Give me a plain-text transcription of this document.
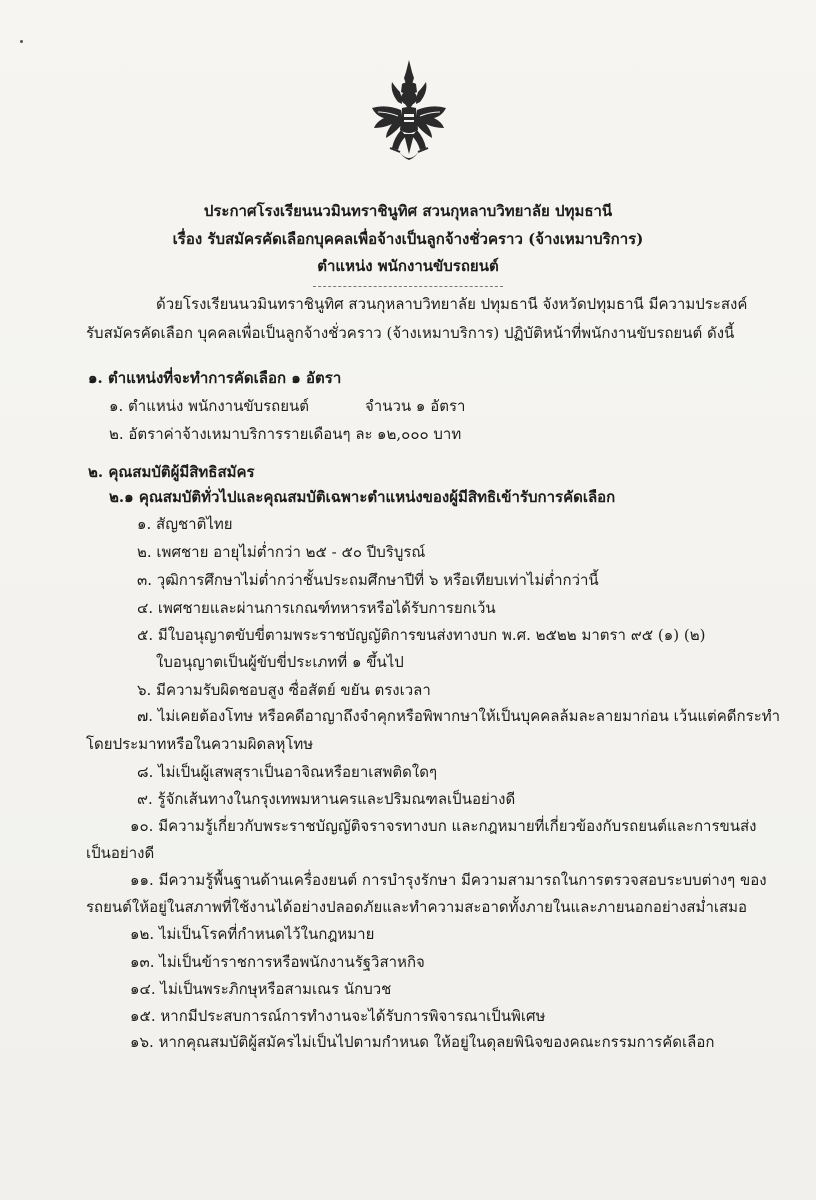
ประกาศโรงเรียนนวมินทราชินูทิศ สวนกุหลาบวิทยาลัย ปทุมธานี
เรื่อง รับสมัครคัดเลือกบุคคลเพื่อจ้างเป็นลูกจ้างชั่วคราว (จ้างเหมาบริการ)
ตำแหน่ง พนักงานขับรถยนต์
ด้วยโรงเรียนนวมินทราชินูทิศ สวนกุหลาบวิทยาลัย ปทุมธานี จังหวัดปทุมธานี มีความประสงค์
รับสมัครคัดเลือก บุคคลเพื่อเป็นลูกจ้างชั่วคราว (จ้างเหมาบริการ) ปฏิบัติหน้าที่พนักงานขับรถยนต์ ดังนี้
๑. ตำแหน่งที่จะทำการคัดเลือก ๑ อัตรา
๑. ตำแหน่ง พนักงานขับรถยนต์	จำนวน ๑ อัตรา
๒. อัตราค่าจ้างเหมาบริการรายเดือนๆ ละ ๑๒,๐๐๐ บาท
๒. คุณสมบัติผู้มีสิทธิสมัคร
๒.๑ คุณสมบัติทั่วไปและคุณสมบัติเฉพาะตำแหน่งของผู้มีสิทธิเข้ารับการคัดเลือก
๑. สัญชาติไทย
๒. เพศชาย อายุไม่ต่ำกว่า ๒๕ - ๕๐ ปีบริบูรณ์
๓. วุฒิการศึกษาไม่ต่ำกว่าชั้นประถมศึกษาปีที่ ๖ หรือเทียบเท่าไม่ต่ำกว่านี้
๔. เพศชายและผ่านการเกณฑ์ทหารหรือได้รับการยกเว้น
๕. มีใบอนุญาตขับขี่ตามพระราชบัญญัติการขนส่งทางบก พ.ศ. ๒๕๒๒ มาตรา ๙๕ (๑) (๒)
ใบอนุญาตเป็นผู้ขับขี่ประเภทที่ ๑ ขึ้นไป
๖. มีความรับผิดชอบสูง ซื่อสัตย์ ขยัน ตรงเวลา
๗. ไม่เคยต้องโทษ หรือคดีอาญาถึงจำคุกหรือพิพากษาให้เป็นบุคคลล้มละลายมาก่อน เว้นแต่คดีกระทำ
โดยประมาทหรือในความผิดลหุโทษ
๘. ไม่เป็นผู้เสพสุราเป็นอาจิณหรือยาเสพติดใดๆ
๙. รู้จักเส้นทางในกรุงเทพมหานครและปริมณฑลเป็นอย่างดี
๑๐. มีความรู้เกี่ยวกับพระราชบัญญัติจราจรทางบก และกฎหมายที่เกี่ยวข้องกับรถยนต์และการขนส่ง
เป็นอย่างดี
๑๑. มีความรู้พื้นฐานด้านเครื่องยนต์ การบำรุงรักษา มีความสามารถในการตรวจสอบระบบต่างๆ ของ
รถยนต์ให้อยู่ในสภาพที่ใช้งานได้อย่างปลอดภัยและทำความสะอาดทั้งภายในและภายนอกอย่างสม่ำเสมอ
๑๒. ไม่เป็นโรคที่กำหนดไว้ในกฎหมาย
๑๓. ไม่เป็นข้าราชการหรือพนักงานรัฐวิสาหกิจ
๑๔. ไม่เป็นพระภิกษุหรือสามเณร นักบวช
๑๕. หากมีประสบการณ์การทำงานจะได้รับการพิจารณาเป็นพิเศษ
๑๖. หากคุณสมบัติผู้สมัครไม่เป็นไปตามกำหนด ให้อยู่ในดุลยพินิจของคณะกรรมการคัดเลือก
